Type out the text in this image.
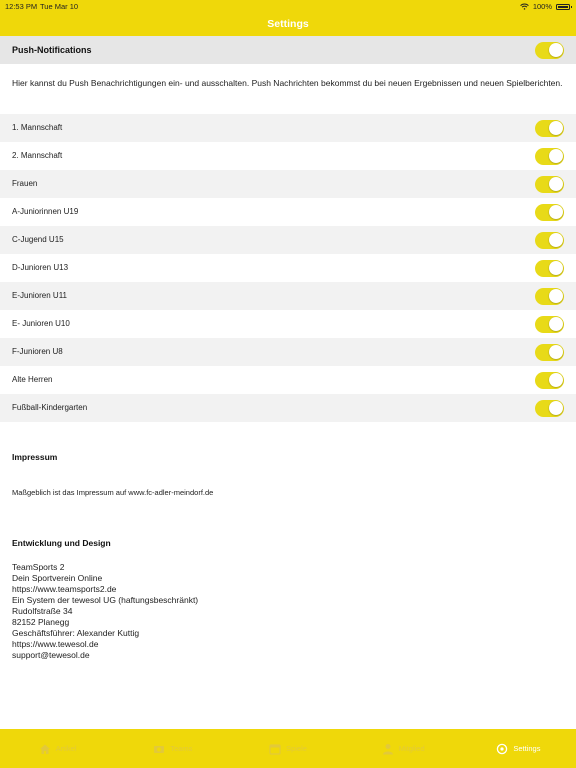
12:53 PM Tue Mar 10	100%
Settings
Push-Notifications
Hier kannst du Push Benachrichtigungen ein- und ausschalten. Push Nachrichten bekommst du bei neuen Ergebnissen und neuen Spielberichten.
1. Mannschaft
2. Mannschaft
Frauen
A-Juniorinnen U19
C-Jugend U15
D-Junioren U13
E-Junioren U11
E- Junioren U10
F-Junioren U8
Alte Herren
Fußball-Kindergarten
Impressum
Maßgeblich ist das Impressum auf www.fc-adler-meindorf.de
Entwicklung und Design
TeamSports 2
Dein Sportverein Online
https://www.teamsports2.de
Ein System der tewesol UG (haftungsbeschränkt)
Rudolfstraße 34
82152 Planegg
Geschäftsführer: Alexander Kuttig
https://www.tewesol.de
support@tewesol.de
Artikel	Teams	Spiele	Mitglied	Settings
